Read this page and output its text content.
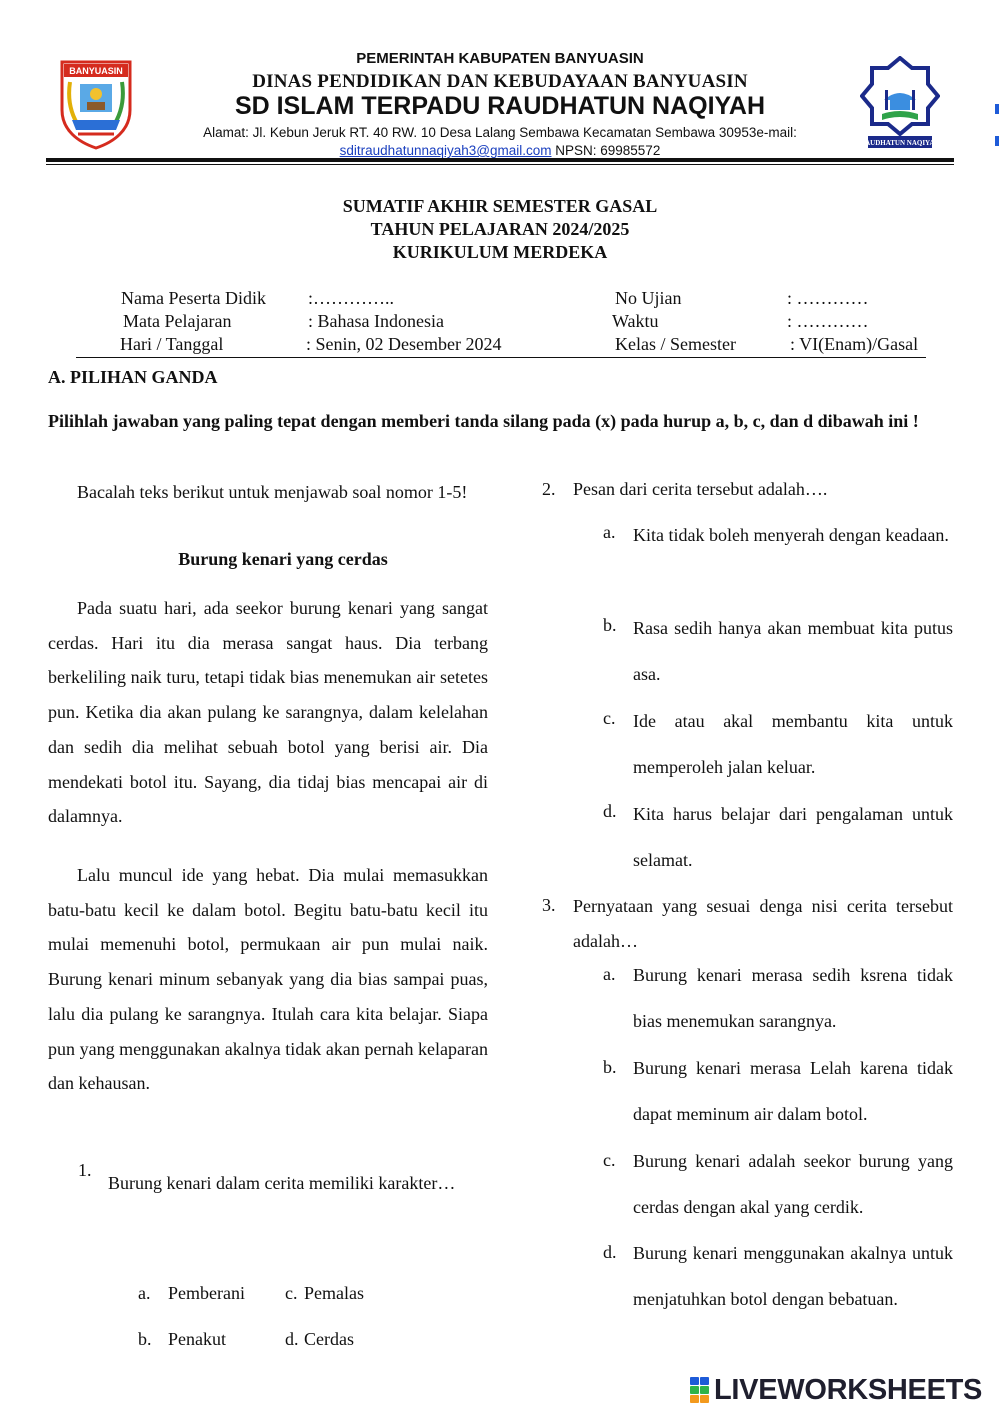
BANYUASIN
PEMERINTAH KABUPATEN BANYUASIN
DINAS PENDIDIKAN DAN KEBUDAYAAN BANYUASIN
SD ISLAM TERPADU RAUDHATUN NAQIYAH
Alamat: Jl. Kebun Jeruk RT. 40 RW. 10 Desa Lalang Sembawa Kecamatan Sembawa 30953e-mail:
sditraudhatunnaqiyah3@gmail.com NPSN: 69985572	RAUDHATUN NAQIYAH
SUMATIF AKHIR SEMESTER GASAL
TAHUN PELAJARAN 2024/2025
KURIKULUM MERDEKA
Nama Peserta Didik :…………..	No Ujian	: …………
Mata Pelajaran	: Bahasa Indonesia	Waktu	: …………
Hari / Tanggal	: Senin, 02 Desember 2024	Kelas / Semester	: VI(Enam)/Gasal
A. PILIHAN GANDA
Pilihlah jawaban yang paling tepat dengan memberi tanda silang pada (x) pada hurup a, b, c, dan d dibawah ini !
Bacalah teks berikut untuk menjawab soal nomor 1-5!
Burung kenari yang cerdas
Pada suatu hari, ada seekor burung kenari yang sangat cerdas. Hari itu dia merasa sangat haus. Dia terbang berkeliling naik turu, tetapi tidak bias menemukan air setetes pun. Ketika dia akan pulang ke sarangnya, dalam kelelahan dan sedih dia melihat sebuah botol yang berisi air. Dia mendekati botol itu. Sayang, dia tidaj bias mencapai air di dalamnya.
Lalu muncul ide yang hebat. Dia mulai memasukkan batu-batu kecil ke dalam botol. Begitu batu-batu kecil itu mulai memenuhi botol, permukaan air pun mulai naik. Burung kenari minum sebanyak yang dia bias sampai puas, lalu dia pulang ke sarangnya. Itulah cara kita belajar. Siapa pun yang menggunakan akalnya tidak akan pernah kelaparan dan kehausan.
1.
Burung kenari dalam cerita memiliki karakter…
a. Pemberani c. Pemalas
b. Penakut	d. Cerdas
2. Pesan dari cerita tersebut adalah….
a. Kita tidak boleh menyerah dengan keadaan.
b. Rasa sedih hanya akan membuat kita putus asa.
c. Ide atau akal membantu kita untuk memperoleh jalan keluar.
d. Kita harus belajar dari pengalaman untuk selamat.
3. Pernyataan yang sesuai denga nisi cerita tersebut adalah…
a. Burung kenari merasa sedih ksrena tidak bias menemukan sarangnya.
b. Burung kenari merasa Lelah karena tidak dapat meminum air dalam botol.
c. Burung kenari adalah seekor burung yang cerdas dengan akal yang cerdik.
d. Burung kenari menggunakan akalnya untuk menjatuhkan botol dengan bebatuan.
LIVEWORKSHEETS
